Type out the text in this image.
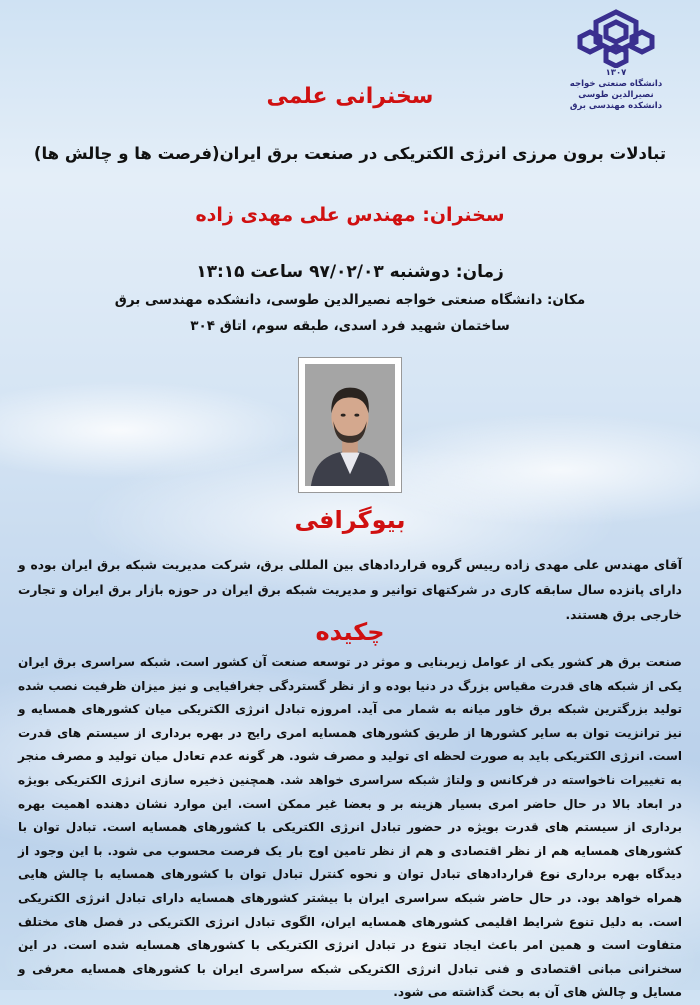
۱۳۰۷
دانشگاه صنعتی خواجه نصیرالدین طوسی
دانشکده مهندسی برق
سخنرانی علمی
تبادلات برون مرزی انرژی الکتریکی در صنعت برق ایران(فرصت ها و چالش ها)
سخنران: مهندس علی مهدی زاده
زمان: دوشنبه ۹۷/۰۲/۰۳ ساعت ۱۳:۱۵
مکان: دانشگاه صنعتی خواجه نصیرالدین طوسی، دانشکده مهندسی برق
ساختمان شهید فرد اسدی، طبقه سوم، اتاق ۳۰۴
بیوگرافی
آقای مهندس علی مهدی زاده رییس گروه قراردادهای بین المللی برق، شرکت مدیریت شبکه برق ایران بوده و دارای پانزده سال سابقه کاری در شرکتهای توانیر و مدیریت شبکه برق ایران در حوزه بازار برق ایران و تجارت خارجی برق هستند.
چکیده
صنعت برق هر کشور یکی از عوامل زیربنایی و موثر در توسعه صنعت آن کشور است. شبکه سراسری برق ایران یکی از شبکه های قدرت مقیاس بزرگ در دنیا بوده و از نظر گستردگی جغرافیایی و نیز میزان ظرفیت نصب شده تولید بزرگترین شبکه برق خاور میانه به شمار می آید. امروزه تبادل انرژی الکتریکی میان کشورهای همسایه و نیز ترانزیت توان به سایر کشورها از طریق کشورهای همسایه امری رایج در بهره برداری از سیستم های قدرت است. انرژی الکتریکی باید به صورت لحظه ای تولید و مصرف شود. هر گونه عدم تعادل میان تولید و مصرف منجر به تغییرات ناخواسته در فرکانس و ولتاژ شبکه سراسری خواهد شد. همچنین ذخیره سازی انرژی الکتریکی بویژه در ابعاد بالا در حال حاضر امری بسیار هزینه بر و بعضا غیر ممکن است. این موارد نشان دهنده اهمیت بهره برداری از سیستم های قدرت بویژه در حضور تبادل انرژی الکتریکی با کشورهای همسایه است. تبادل توان با کشورهای همسایه هم از نظر اقتصادی و هم از نظر تامین اوج بار یک فرصت محسوب می شود. با این وجود از دیدگاه بهره برداری نوع قراردادهای تبادل توان و نحوه کنترل تبادل توان با کشورهای همسایه با چالش هایی همراه خواهد بود. در حال حاضر شبکه سراسری ایران با بیشتر کشورهای همسایه دارای تبادل انرژی الکتریکی است. به دلیل تنوع شرایط اقلیمی کشورهای همسایه ایران، الگوی تبادل انرژی الکتریکی در فصل های مختلف متفاوت است و همین امر باعث ایجاد تنوع در تبادل انرژی الکتریکی با کشورهای همسایه شده است. در این سخنرانی مبانی اقتصادی و فنی تبادل انرژی الکتریکی شبکه سراسری ایران با کشورهای همسایه معرفی و مسایل و چالش های آن به بحث گذاشته می شود.
